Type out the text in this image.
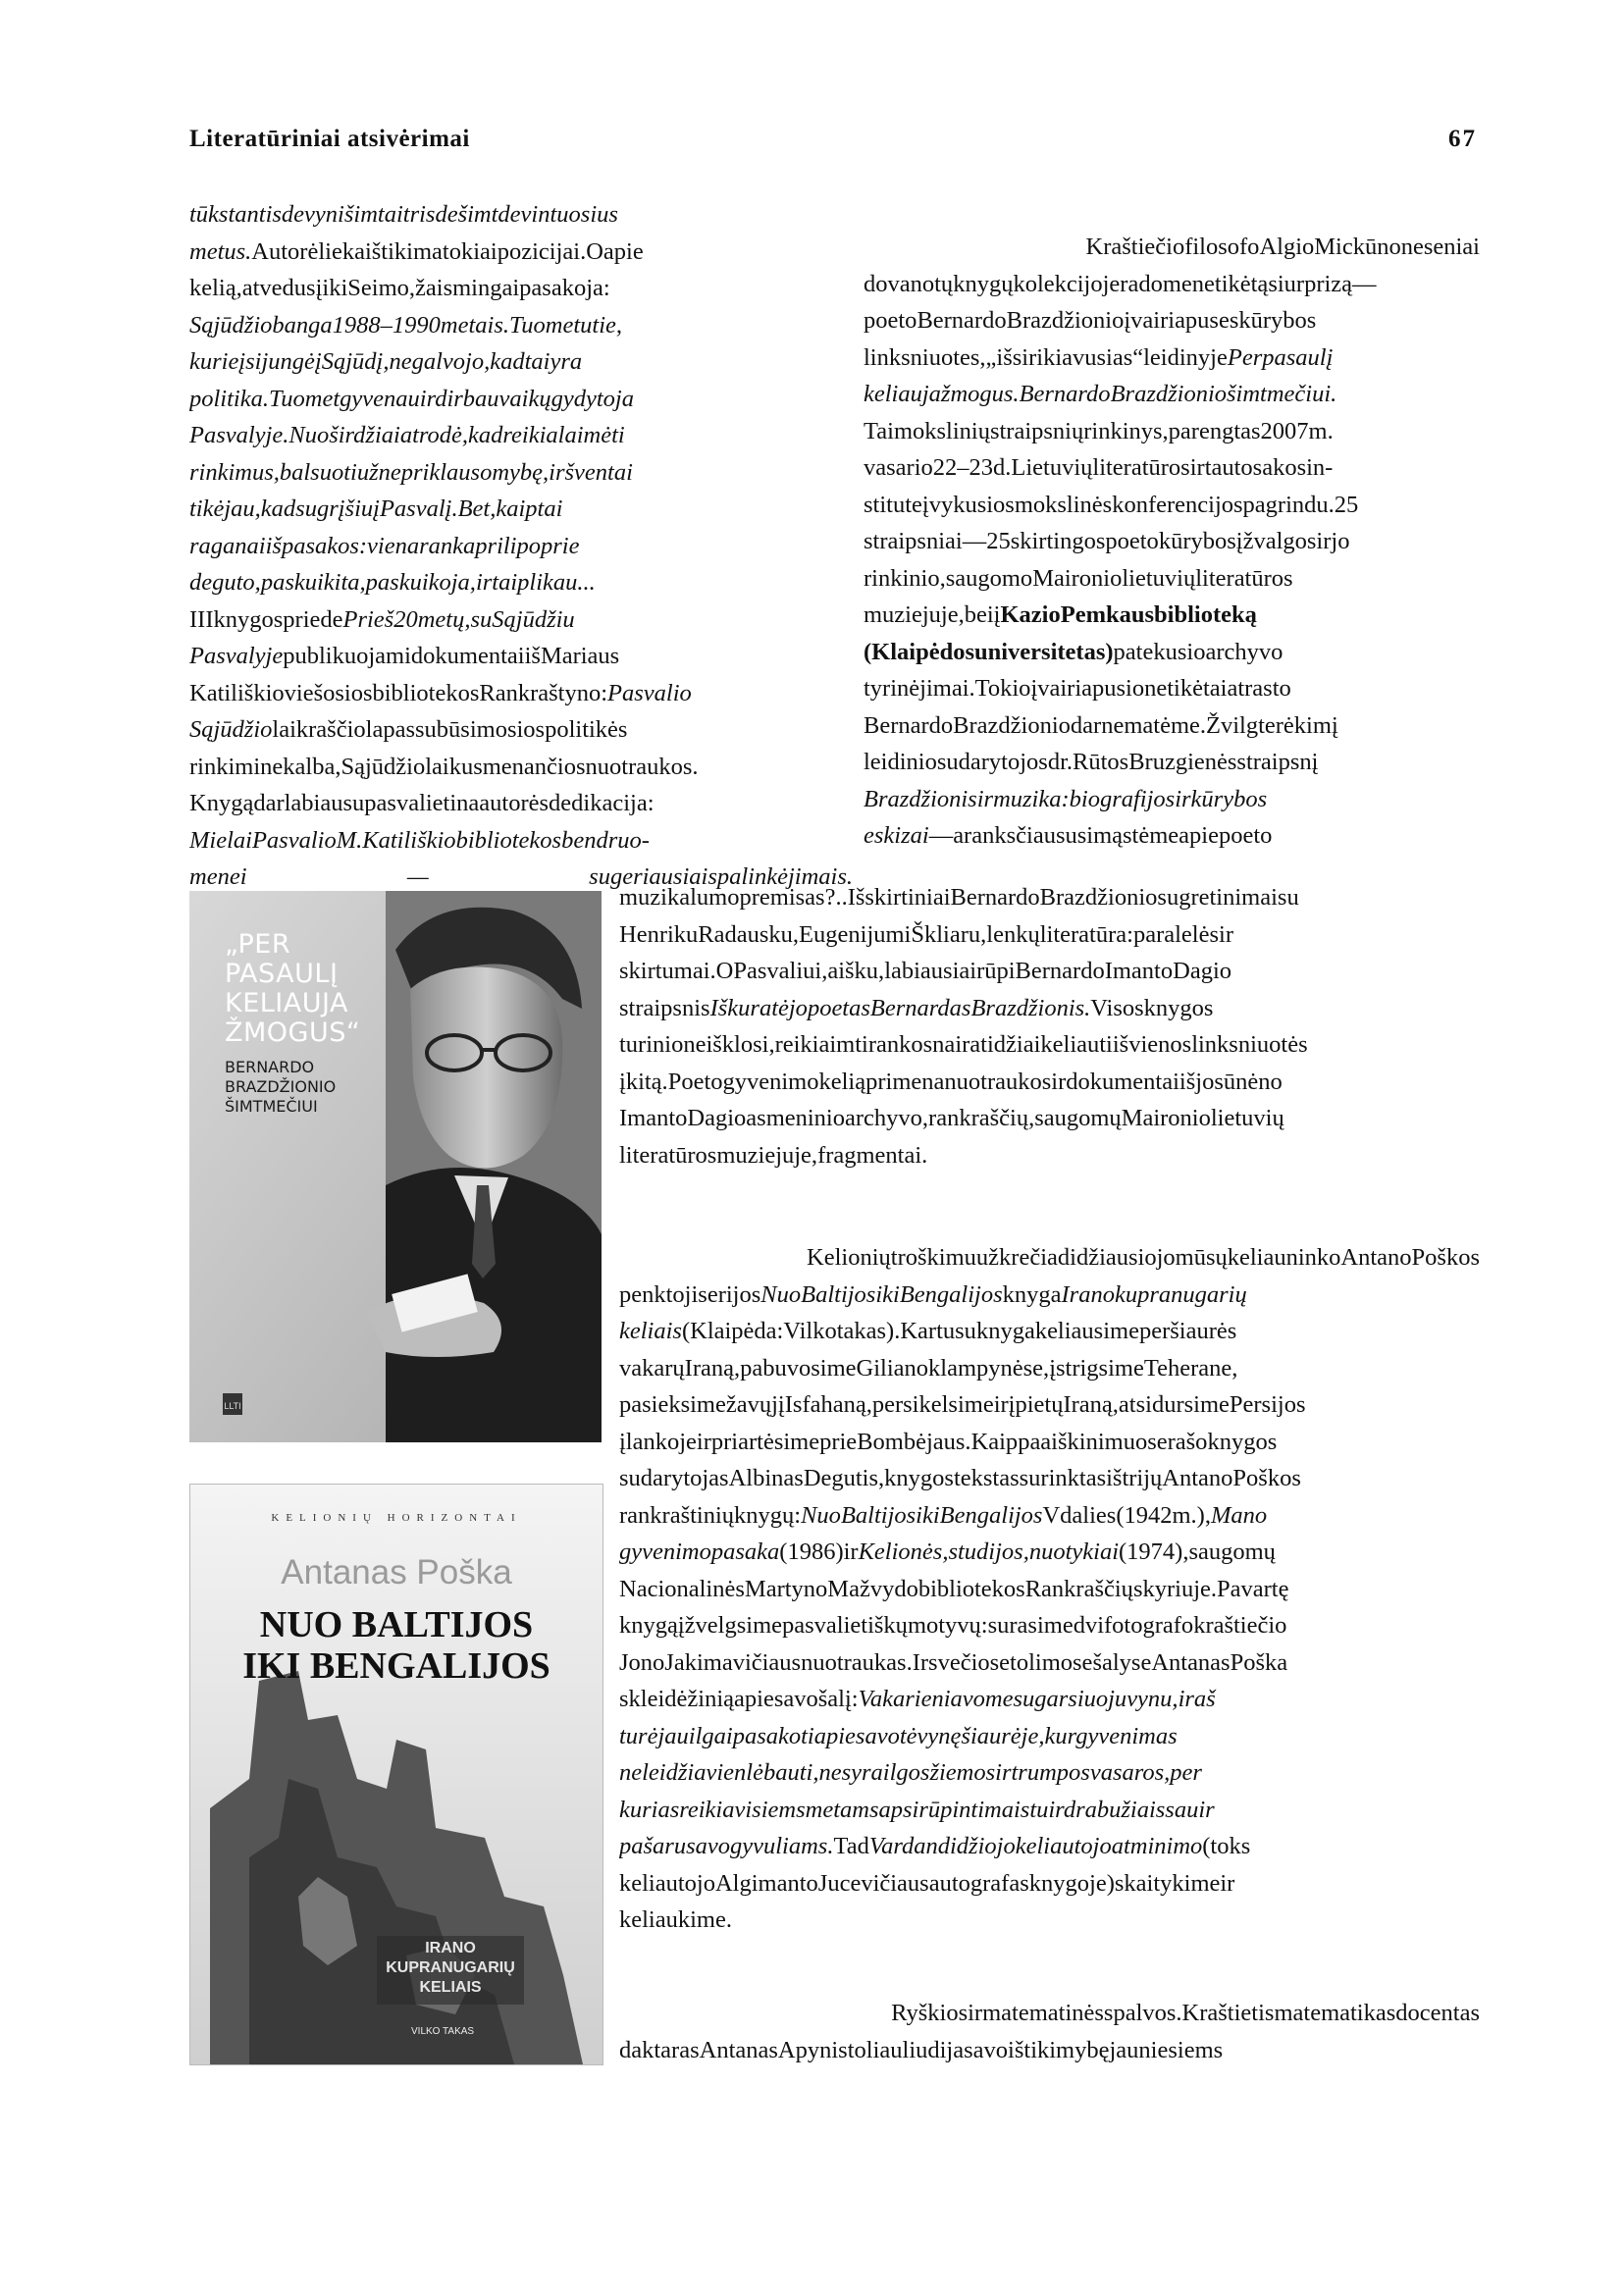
Literatūriniai atsivėrimai	67
tūkstantisdevynišimtaitrisdešimtdevintuosius
metus.Autorėliekaištikimatokiaipozicijai.Oapie
kelią,atvedusįikiSeimo,žaismingaipasakoja:
Sąjūdžiobanga1988–1990metais.Tuometutie,
kurieįsijungėįSąjūdį,negalvojo,kadtaiyra
politika.Tuometgyvenauirdirbauvaikųgydytoja
Pasvalyje.Nuoširdžiaiatrodė,kadreikialaimėti
rinkimus,balsuotiužnepriklausomybę,iršventai
tikėjau,kadsugrįšiuįPasvalį.Bet,kaiptai
raganaiišpasakos:vienarankaprilipoprie
deguto,paskuikita,paskuikoja,irtaiplikau...
IIIknygospriedePrieš20metų,suSąjūdžiu
PasvalyjepublikuojamidokumentaiišMariaus
KatiliškioviešosiosbibliotekosRankraštyno:Pasvalio
Sąjūdžiolaikraščiolapassubūsimosiospolitikės
rinkiminekalba,Sąjūdžiolaikusmenančiosnuotraukos.
Knygądarlabiausupasvalietinaautorėsdedikacija:
MielaiPasvalioM.Katiliškiobibliotekosbendruo-
menei — sugeriausiaispalinkėjimais.
KraštiečiofilosofoAlgioMickūnoneseniai
dovanotųknygųkolekcijojeradomenetikėtąsiurprizą—
poetoBernardoBrazdžionioįvairiapuseskūrybos
linksniuotes,„išsirikiavusias“leidinyjePerpasaulį
keliaujažmogus.BernardoBrazdžioniošimtmečiui.
Taimoksliniųstraipsniųrinkinys,parengtas2007m.
vasario22–23d.Lietuviųliteratūrosirtautosakosin-
stituteįvykusiosmokslinėskonferencijospagrindu.25
straipsniai—25skirtingospoetokūrybosįžvalgosirjo
rinkinio,saugomoMaironiolietuviųliteratūros
muziejuje,beiįKazioPemkausbiblioteką
(Klaipėdosuniversitetas)patekusioarchyvo
tyrinėjimai.Tokioįvairiapusionetikėtaiatrasto
BernardoBrazdžioniodarnematėme.Žvilgterėkimį
leidiniosudarytojosdr.RūtosBruzgienėsstraipsnį
Brazdžionisirmuzika:biografijosirkūrybos
eskizai—aranksčiaususimąstėmeapiepoeto
muzikalumopremisas?..IšskirtiniaiBernardoBrazdžioniosugretinimaisu
HenrikuRadausku,EugenijumiŠkliaru,lenkųliteratūra:paralelėsir
skirtumai.OPasvaliui,aišku,labiausiairūpiBernardoImantoDagio
straipsnisIškuratėjopoetasBernardasBrazdžionis.Visosknygos
turinioneišklosi,reikiaimtirankosnairatidžiaikeliautiišvienoslinksniuotės
įkitą.Poetogyvenimokeliąprimenanuotraukosirdokumentaiišjosūnėno
ImantoDagioasmeninioarchyvo,rankraščių,saugomųMaironiolietuvių
literatūrosmuziejuje,fragmentai.
KelioniųtroškimuužkrečiadidžiausiojomūsųkeliauninkoAntanoPoškos
penktojiserijosNuoBaltijosikiBengalijosknygaIranokupranugarių
keliais(Klaipėda:Vilkotakas).Kartusuknygakeliausimeperšiaurės
vakarųIraną,pabuvosimeGilianoklampynėse,įstrigsimeTeherane,
pasieksimežavųjįIsfahaną,persikelsimeirįpietųIraną,atsidursimePersijos
įlankojeirpriartėsimeprieBombėjaus.Kaippaaiškinimuoserašoknygos
sudarytojasAlbinasDegutis,knygostekstassurinktasištrijųAntanoPoškos
rankraštiniųknygų:NuoBaltijosikiBengalijosVdalies(1942m.),Mano
gyvenimopasaka(1986)irKelionės,studijos,nuotykiai(1974),saugomų
NacionalinėsMartynoMažvydobibliotekosRankraščiųskyriuje.Pavartę
knygąįžvelgsimepasvalietiškųmotyvų:surasimedvifotografokraštiečio
JonoJakimavičiausnuotraukas.IrsvečiosetolimosešalyseAntanasPoška
skleidėžiniąapiesavošalį:Vakarieniavomesugarsiuojuvynu,iraš
turėjauilgaipasakotiapiesavotėvynęšiaurėje,kurgyvenimas
neleidžiavienlėbauti,nesyrailgosžiemosirtrumposvasaros,per
kuriasreikiavisiemsmetamsapsirūpintimaistuirdrabužiaissauir
pašarusavogyvuliams.TadVardandidžiojokeliautojoatminimo(toks
keliautojoAlgimantoJucevičiausautografasknygoje)skaitykimeir
keliaukime.
Ryškiosirmatematinėsspalvos.Kraštietismatematikasdocentas
daktarasAntanasApynistoliauliudijasavoištikimybęjauniesiems
LLTI
„PER
PASAULĮ
KELIAUJA
ŽMOGUS“
BERNARDO
BRAZDŽIONIO
ŠIMTMEČIUI
KELIONIŲ HORIZONTAI
Antanas Poška
NUO BALTIJOS
IKI BENGALIJOS
IRANO
KUPRANUGARIŲ
KELIAIS
VILKO TAKAS
